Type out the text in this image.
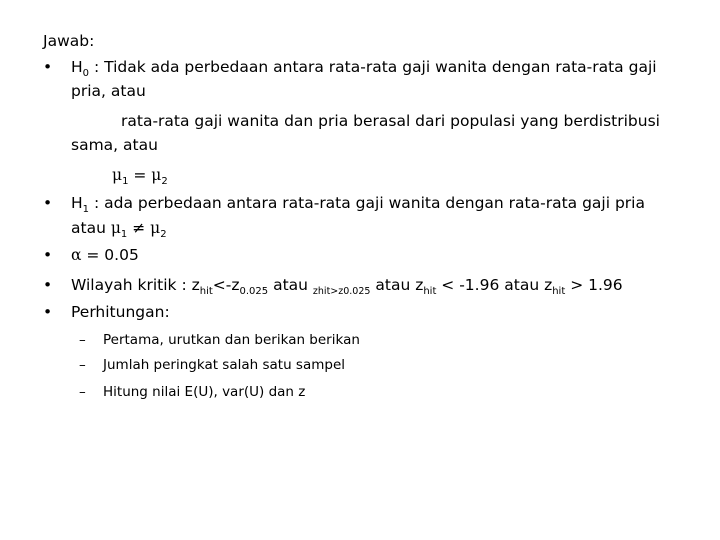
Jawab:
• $H_0$ : Tidak ada perbedaan antara rata-rata gaji wanita dengan rata-rata gaji
pria, atau
rata-rata gaji wanita dan pria berasal dari populasi yang berdistribusi
sama, atau
$\mu_1 = \mu_2$
• $H_1$ : ada perbedaan antara rata-rata gaji wanita dengan rata-rata gaji pria
atau $\mu_1 \ne \mu_2$
• α = 0.05
• Wilayah kritik : $z_{hit}<-z_{0.025}$ atau $_{zhit>z0.025}$ atau $z_{hit} < -1.96$ atau $z_{hit} > 1.96$
• Perhitungan:
– Pertama, urutkan dan berikan berikan
– Jumlah peringkat salah satu sampel
– Hitung nilai E(U), var(U) dan z
